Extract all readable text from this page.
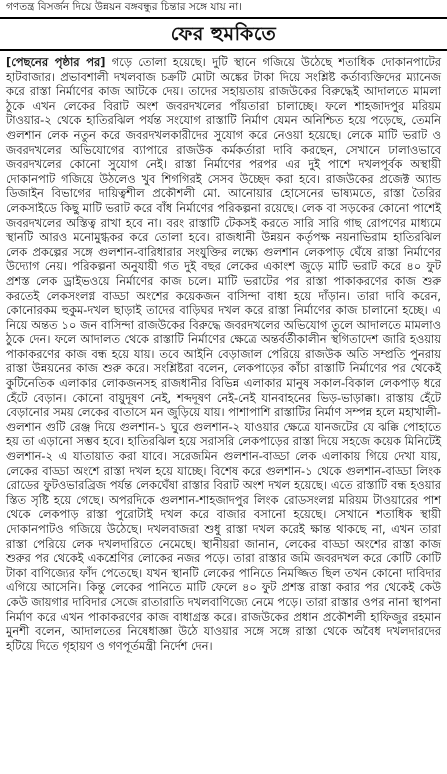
গণতন্ত্র বিসর্জন দিয়ে উন্নয়ন বঙ্গবন্ধুর চিন্তার সঙ্গে যায় না।

ফের হুমকিতে

[পেছনের পৃষ্ঠার পর] গড়ে তোলা হয়েছে। দুটি স্থানে গজিয়ে উঠেছে শতাধিক দোকানপাটের হাটবাজার। প্রভাবশালী দখলবাজ চক্রটি মোটা অঙ্কের টাকা দিয়ে সংশ্লিষ্ট কর্তাব্যক্তিদের ম্যানেজ করে রাস্তা নির্মাণের কাজ আটকে দেয়। তাদের সহায়তায় রাজউকের বিরুদ্ধেই আদালতে মামলা ঠুকে এখন লেকের বিরাট অংশ জবরদখলের পাঁয়তারা চালাচ্ছে। ফলে শাহজাদপুর মরিয়ম টাওয়ার-২ থেকে হাতিরঝিল পর্যন্ত সংযোগ রাস্তাটি নির্মাণ যেমন অনিশ্চিত হয়ে পড়েছে, তেমনি গুলশান লেক নতুন করে জবরদখলকারীদের সুযোগ করে নেওয়া হয়েছে। লেকে মাটি ভরাট ও জবরদখলের অভিযোগের ব্যাপারে রাজউক কর্মকর্তারা দাবি করছেন, সেখানে ঢালাওভাবে জবরদখলের কোনো সুযোগ নেই। রাস্তা নির্মাণের পরপর এর দুই পাশে দখলপূর্বক অস্থায়ী দোকানপাট গজিয়ে উঠলেও খুব শিগগিরই সেসব উচ্ছেদ করা হবে। রাজউকের প্রজেক্ট অ্যান্ড ডিজাইন বিভাগের দায়িত্বশীল প্রকৌশলী মো. আনোয়ার হোসেনের ভাষ্যমতে, রাস্তা তৈরির লেকসাইডে কিছু মাটি ভরাট করে বাঁধ নির্মাণের পরিকল্পনা রয়েছে। লেক বা সড়কের কোনো পাশেই জবরদখলের অস্তিত্ব রাখা হবে না। বরং রাস্তাটি টেকসই করতে সারি সারি গাছ রোপণের মাধ্যমে স্থানটি আরও মনোমুগ্ধকর করে তোলা হবে। রাজধানী উন্নয়ন কর্তৃপক্ষ নয়নাভিরাম হাতিরঝিল লেক প্রকল্পের সঙ্গে গুলশান-বারিধারার সংযুক্তির লক্ষ্যে গুলশান লেকপাড় ঘেঁষে রাস্তা নির্মাণের উদ্যোগ নেয়। পরিকল্পনা অনুযায়ী গত দুই বছর লেকের একাংশ জুড়ে মাটি ভরাট করে ৪০ ফুট প্রশস্ত লেক ড্রাইভওয়ে নির্মাণের কাজ চলে। মাটি ভরাটের পর রাস্তা পাকাকরণের কাজ শুরু করতেই লেকসংলগ্ন বাড্ডা অংশের কয়েকজন বাসিন্দা বাধা হয়ে দাঁড়ান। তারা দাবি করেন, কোনোরকম হুকুম-দখল ছাড়াই তাদের বাড়িঘর দখল করে রাস্তা নির্মাণের কাজ চালানো হচ্ছে। এ নিয়ে অন্তত ১০ জন বাসিন্দা রাজউকের বিরুদ্ধে জবরদখলের অভিযোগ তুলে আদালতে মামলাও ঠুকে দেন। ফলে আদালত থেকে রাস্তাটি নির্মাণের ক্ষেত্রে অন্তর্বর্তীকালীন স্থগিতাদেশ জারি হওয়ায় পাকাকরণের কাজ বন্ধ হয়ে যায়। তবে আইনি বেড়াজাল পেরিয়ে রাজউক অতি সম্প্রতি পুনরায় রাস্তা উন্নয়নের কাজ শুরু করে। সংশ্লিষ্টরা বলেন, লেকপাড়ের কাঁচা রাস্তাটি নির্মাণের পর থেকেই কুটিনেতিক এলাকার লোকজনসহ রাজধানীর বিভিন্ন এলাকার মানুষ সকাল-বিকাল লেকপাড় ধরে হেঁটে বেড়ান। কোনো বায়ুদূষণ নেই, শব্দদূষণ নেই-নেই যানবাহনের ভিড়-ভাড়াক্কা। রাস্তায় হেঁটে বেড়ানোর সময় লেকের বাতাসে মন জুড়িয়ে যায়। পাশাপাশি রাস্তাটির নির্মাণ সম্পন্ন হলে মহাখালী-গুলশান গুটি রেঞ্জ দিয়ে গুলশান-১ ঘুরে গুলশান-২ যাওয়ার ক্ষেত্রে যানজটের যে ঝক্কি পোহাতে হয় তা এড়ানো সম্ভব হবে। হাতিরঝিল হয়ে সরাসরি লেকপাড়ের রাস্তা দিয়ে সহজে কয়েক মিনিটেই গুলশান-২ এ যাতায়াত করা যাবে। সরেজমিন গুলশান-বাড্ডা লেক এলাকায় গিয়ে দেখা যায়, লেকের বাড্ডা অংশে রাস্তা দখল হয়ে যাচ্ছে। বিশেষ করে গুলশান-১ থেকে গুলশান-বাড্ডা লিংক রোডের ফুটওভারব্রিজ পর্যন্ত লেকঘেঁষা রাস্তার বিরাট অংশ দখল হয়েছে। এতে রাস্তাটি বন্ধ হওয়ার স্তিত সৃষ্টি হয়ে গেছে। অপরদিকে গুলশান-শাহজাদপুর লিংক রোডসংলগ্ন মরিয়ম টাওয়ারের পাশ থেকে লেকপাড় রাস্তা পুরোটাই দখল করে বাজার বসানো হয়েছে। সেখানে শতাধিক স্থায়ী দোকানপাটও গজিয়ে উঠেছে। দখলবাজরা শুধু রাস্তা দখল করেই ক্ষান্ত থাকছে না, এখন তারা রাস্তা পেরিয়ে লেক দখলদারিতে নেমেছে। স্থানীয়রা জানান, লেকের বাড্ডা অংশের রাস্তা কাজ শুরুর পর থেকেই একশ্রেণির লোকের নজর পড়ে। তারা রাস্তার জমি জবরদখল করে কোটি কোটি টাকা বাণিজ্যের ফাঁদ পেতেছে। যখন স্থানটি লেকের পানিতে নিমজ্জিত ছিল তখন কোনো দাবিদার এগিয়ে আসেনি। কিন্তু লেকের পানিতে মাটি ফেলে ৪০ ফুট প্রশস্ত রাস্তা করার পর থেকেই কেউ কেউ জায়গার দাবিদার সেজে রাতারাতি দখলবাণিজ্যে নেমে পড়ে। তারা রাস্তার ওপর নানা স্থাপনা নির্মাণ করে এখন পাকাকরণের কাজ বাধাগ্রস্ত করে। রাজউকের প্রধান প্রকৌশলী হাফিজুর রহমান মুনশী বলেন, আদালতের নিষেধাজ্ঞা উঠে যাওয়ার সঙ্গে সঙ্গে রাস্তা থেকে অবৈধ দখলদারদের হটিয়ে দিতে গৃহায়ণ ও গণপূর্তমন্ত্রী নির্দেশ দেন।
